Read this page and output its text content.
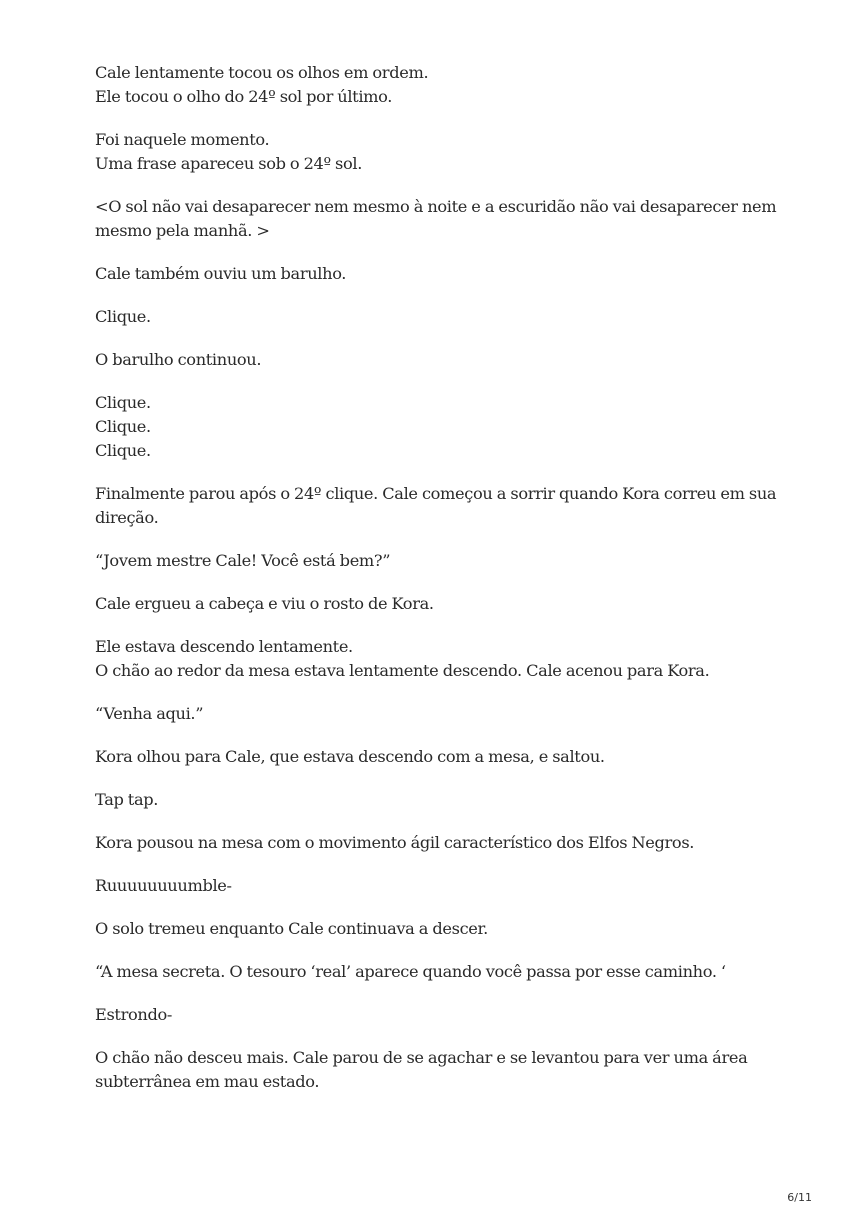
Cale lentamente tocou os olhos em ordem.
Ele tocou o olho do 24º sol por último.

Foi naquele momento.
Uma frase apareceu sob o 24º sol.

<O sol não vai desaparecer nem mesmo à noite e a escuridão não vai desaparecer nem
mesmo pela manhã. >

Cale também ouviu um barulho.

Clique.

O barulho continuou.

Clique.
Clique.
Clique.

Finalmente parou após o 24º clique. Cale começou a sorrir quando Kora correu em sua
direção.

“Jovem mestre Cale! Você está bem?”

Cale ergueu a cabeça e viu o rosto de Kora.

Ele estava descendo lentamente.
O chão ao redor da mesa estava lentamente descendo. Cale acenou para Kora.

“Venha aqui.”

Kora olhou para Cale, que estava descendo com a mesa, e saltou.

Tap tap.

Kora pousou na mesa com o movimento ágil característico dos Elfos Negros.

Ruuuuuuuumble-

O solo tremeu enquanto Cale continuava a descer.

“A mesa secreta. O tesouro ‘real’ aparece quando você passa por esse caminho. ‘

Estrondo-

O chão não desceu mais. Cale parou de se agachar e se levantou para ver uma área
subterrânea em mau estado.

6/11
